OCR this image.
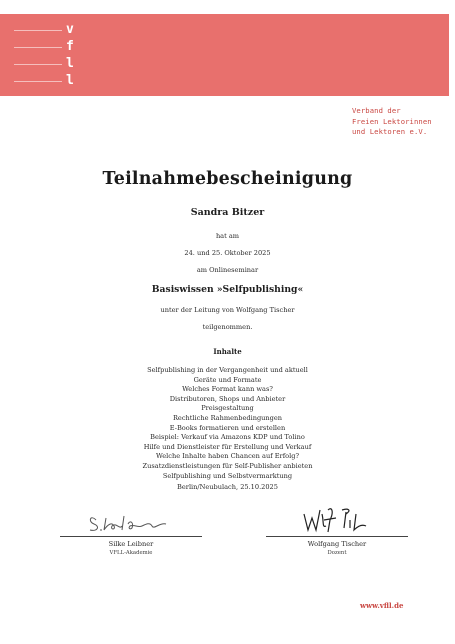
v
f
l
l
Verband der
Freien Lektorinnen
und Lektoren e.V.
Teilnahmebescheinigung
Sandra Bitzer
hat am
24. und 25. Oktober 2025
am Onlineseminar
Basiswissen »Selfpublishing«
unter der Leitung von Wolfgang Tischer
teilgenommen.
Inhalte
Selfpublishing in der Vergangenheit und aktuell
Geräte und Formate
Welches Format kann was?
Distributoren, Shops und Anbieter
Preisgestaltung
Rechtliche Rahmenbedingungen
E-Books formatieren und erstellen
Beispiel: Verkauf via Amazons KDP und Tolino
Hilfe und Dienstleister für Erstellung und Verkauf
Welche Inhalte haben Chancen auf Erfolg?
Zusatzdienstleistungen für Self-Publisher anbieten
Selfpublishing und Selbstvermarktung
Berlin/Neubulach, 25.10.2025
Silke Leibner
VFLL-Akademie
Wolfgang Tischer
Dozent
www.vfll.de
